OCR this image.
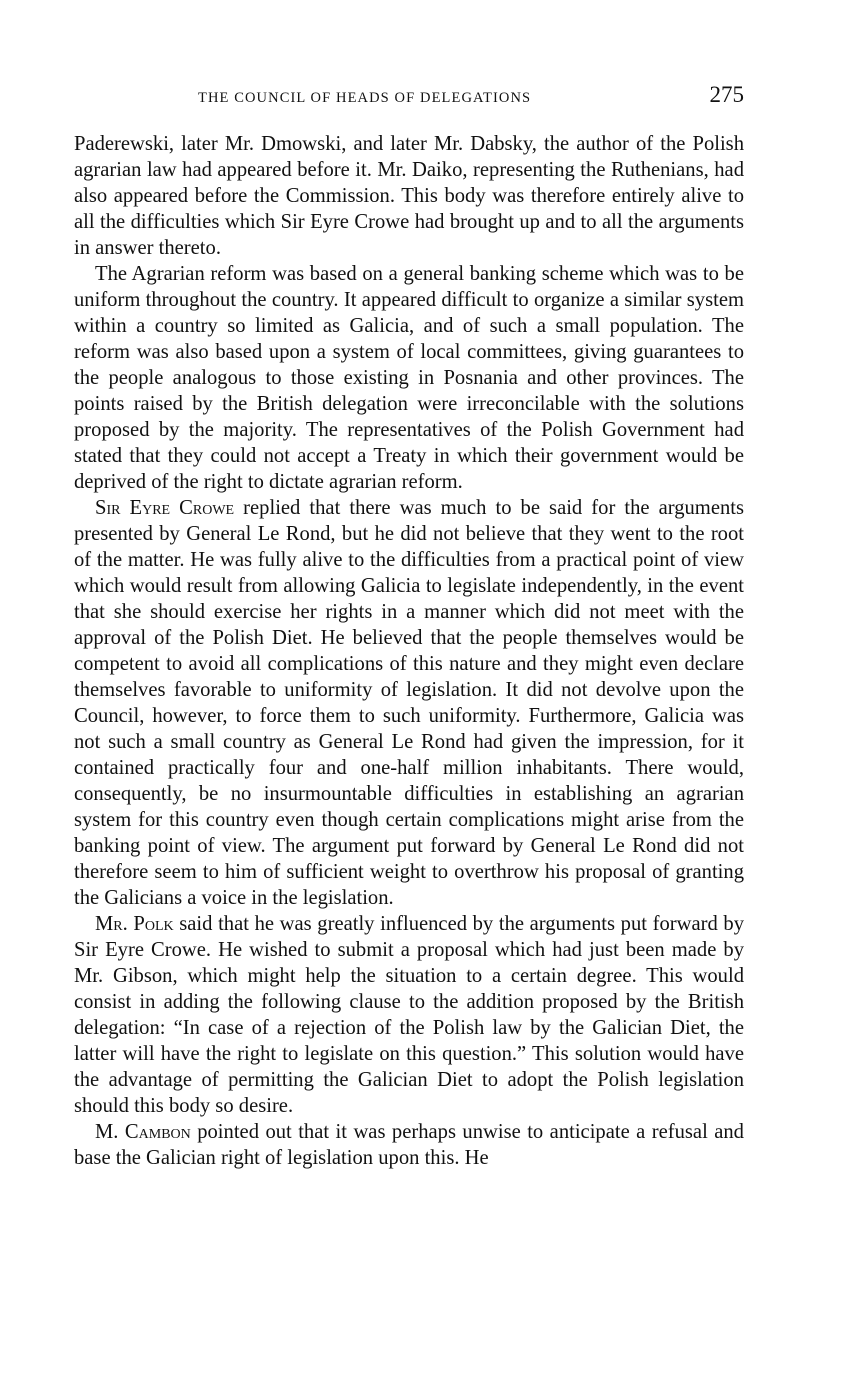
THE COUNCIL OF HEADS OF DELEGATIONS	275

Paderewski, later Mr. Dmowski, and later Mr. Dabsky, the author of the Polish agrarian law had appeared before it. Mr. Daiko, representing the Ruthenians, had also appeared before the Commission. This body was therefore entirely alive to all the difficulties which Sir Eyre Crowe had brought up and to all the arguments in answer thereto.

The Agrarian reform was based on a general banking scheme which was to be uniform throughout the country. It appeared difficult to organize a similar system within a country so limited as Galicia, and of such a small population. The reform was also based upon a system of local committees, giving guarantees to the people analogous to those existing in Posnania and other provinces. The points raised by the British delegation were irreconcilable with the solutions proposed by the majority. The representatives of the Polish Government had stated that they could not accept a Treaty in which their government would be deprived of the right to dictate agrarian reform.

Sir Eyre Crowe replied that there was much to be said for the arguments presented by General Le Rond, but he did not believe that they went to the root of the matter. He was fully alive to the difficulties from a practical point of view which would result from allowing Galicia to legislate independently, in the event that she should exercise her rights in a manner which did not meet with the approval of the Polish Diet. He believed that the people themselves would be competent to avoid all complications of this nature and they might even declare themselves favorable to uniformity of legislation. It did not devolve upon the Council, however, to force them to such uniformity. Furthermore, Galicia was not such a small country as General Le Rond had given the impression, for it contained practically four and one-half million inhabitants. There would, consequently, be no insurmountable difficulties in establishing an agrarian system for this country even though certain complications might arise from the banking point of view. The argument put forward by General Le Rond did not therefore seem to him of sufficient weight to overthrow his proposal of granting the Galicians a voice in the legislation.

Mr. Polk said that he was greatly influenced by the arguments put forward by Sir Eyre Crowe. He wished to submit a proposal which had just been made by Mr. Gibson, which might help the situation to a certain degree. This would consist in adding the following clause to the addition proposed by the British delegation: “In case of a rejection of the Polish law by the Galician Diet, the latter will have the right to legislate on this question.” This solution would have the advantage of permitting the Galician Diet to adopt the Polish legislation should this body so desire.

M. Cambon pointed out that it was perhaps unwise to anticipate a refusal and base the Galician right of legislation upon this. He
